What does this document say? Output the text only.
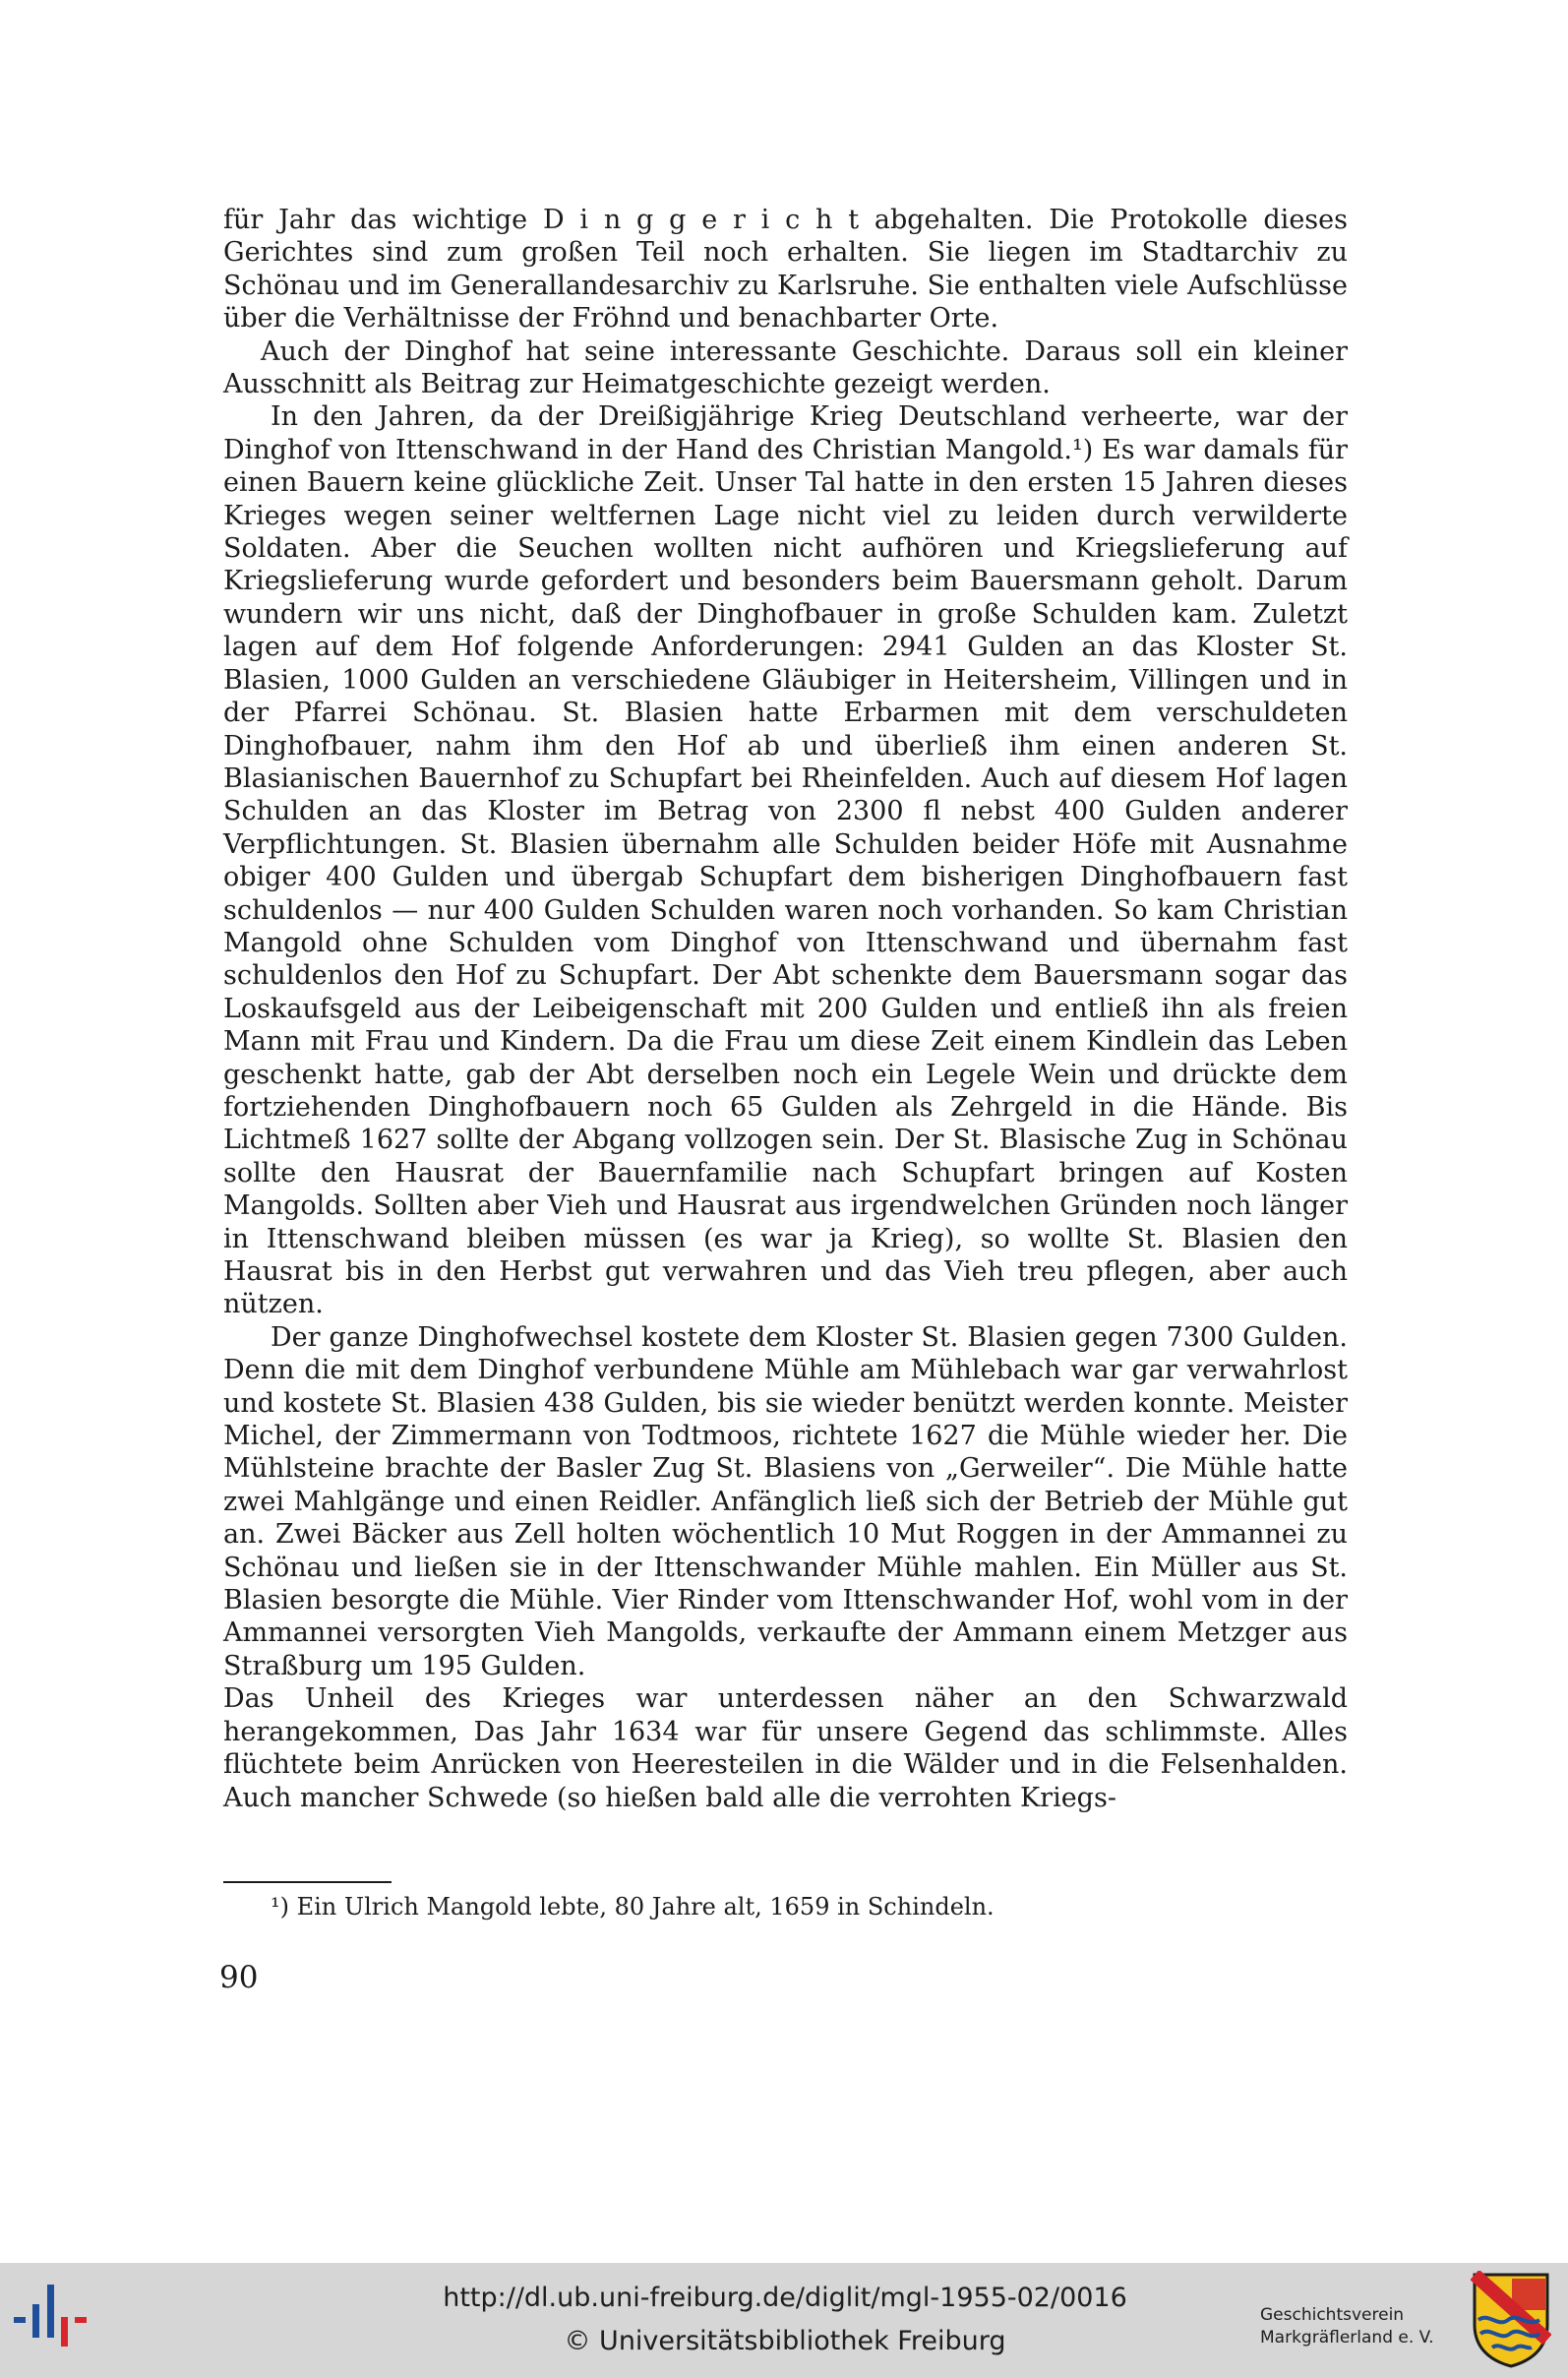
für Jahr das wichtige D i n g g e r i c h t abgehalten. Die Protokolle dieses Gerichtes sind zum großen Teil noch erhalten. Sie liegen im Stadtarchiv zu Schönau und im Generallandesarchiv zu Karlsruhe. Sie enthalten viele Aufschlüsse über die Verhältnisse der Fröhnd und benachbarter Orte.

Auch der Dinghof hat seine interessante Geschichte. Daraus soll ein kleiner Ausschnitt als Beitrag zur Heimatgeschichte gezeigt werden.

In den Jahren, da der Dreißigjährige Krieg Deutschland verheerte, war der Dinghof von Ittenschwand in der Hand des Christian Mangold.¹) Es war damals für einen Bauern keine glückliche Zeit. Unser Tal hatte in den ersten 15 Jahren dieses Krieges wegen seiner weltfernen Lage nicht viel zu leiden durch verwilderte Soldaten. Aber die Seuchen wollten nicht aufhören und Kriegslieferung auf Kriegslieferung wurde gefordert und besonders beim Bauersmann geholt. Darum wundern wir uns nicht, daß der Dinghofbauer in große Schulden kam. Zuletzt lagen auf dem Hof folgende Anforderungen: 2941 Gulden an das Kloster St. Blasien, 1000 Gulden an verschiedene Gläubiger in Heitersheim, Villingen und in der Pfarrei Schönau. St. Blasien hatte Erbarmen mit dem verschuldeten Dinghofbauer, nahm ihm den Hof ab und überließ ihm einen anderen St. Blasianischen Bauernhof zu Schupfart bei Rheinfelden. Auch auf diesem Hof lagen Schulden an das Kloster im Betrag von 2300 fl nebst 400 Gulden anderer Verpflichtungen. St. Blasien übernahm alle Schulden beider Höfe mit Ausnahme obiger 400 Gulden und übergab Schupfart dem bisherigen Dinghofbauern fast schuldenlos — nur 400 Gulden Schulden waren noch vorhanden. So kam Christian Mangold ohne Schulden vom Dinghof von Ittenschwand und übernahm fast schuldenlos den Hof zu Schupfart. Der Abt schenkte dem Bauersmann sogar das Loskaufsgeld aus der Leibeigenschaft mit 200 Gulden und entließ ihn als freien Mann mit Frau und Kindern. Da die Frau um diese Zeit einem Kindlein das Leben geschenkt hatte, gab der Abt derselben noch ein Legele Wein und drückte dem fortziehenden Dinghofbauern noch 65 Gulden als Zehrgeld in die Hände. Bis Lichtmeß 1627 sollte der Abgang vollzogen sein. Der St. Blasische Zug in Schönau sollte den Hausrat der Bauernfamilie nach Schupfart bringen auf Kosten Mangolds. Sollten aber Vieh und Hausrat aus irgendwelchen Gründen noch länger in Ittenschwand bleiben müssen (es war ja Krieg), so wollte St. Blasien den Hausrat bis in den Herbst gut verwahren und das Vieh treu pflegen, aber auch nützen.

Der ganze Dinghofwechsel kostete dem Kloster St. Blasien gegen 7300 Gulden. Denn die mit dem Dinghof verbundene Mühle am Mühlebach war gar verwahrlost und kostete St. Blasien 438 Gulden, bis sie wieder benützt werden konnte. Meister Michel, der Zimmermann von Todtmoos, richtete 1627 die Mühle wieder her. Die Mühlsteine brachte der Basler Zug St. Blasiens von „Gerweiler“. Die Mühle hatte zwei Mahlgänge und einen Reidler. Anfänglich ließ sich der Betrieb der Mühle gut an. Zwei Bäcker aus Zell holten wöchentlich 10 Mut Roggen in der Ammannei zu Schönau und ließen sie in der Ittenschwander Mühle mahlen. Ein Müller aus St. Blasien besorgte die Mühle. Vier Rinder vom Ittenschwander Hof, wohl vom in der Ammannei versorgten Vieh Mangolds, verkaufte der Ammann einem Metzger aus Straßburg um 195 Gulden.

Das Unheil des Krieges war unterdessen näher an den Schwarzwald herangekommen, Das Jahr 1634 war für unsere Gegend das schlimmste. Alles flüchtete beim Anrücken von Heeresteilen in die Wälder und in die Felsenhalden. Auch mancher Schwede (so hießen bald alle die verrohten Kriegs-

¹) Ein Ulrich Mangold lebte, 80 Jahre alt, 1659 in Schindeln.
90
http://dl.ub.uni-freiburg.de/diglit/mgl-1955-02/0016
© Universitätsbibliothek Freiburg
Geschichtsverein
Markgräflerland e. V.
